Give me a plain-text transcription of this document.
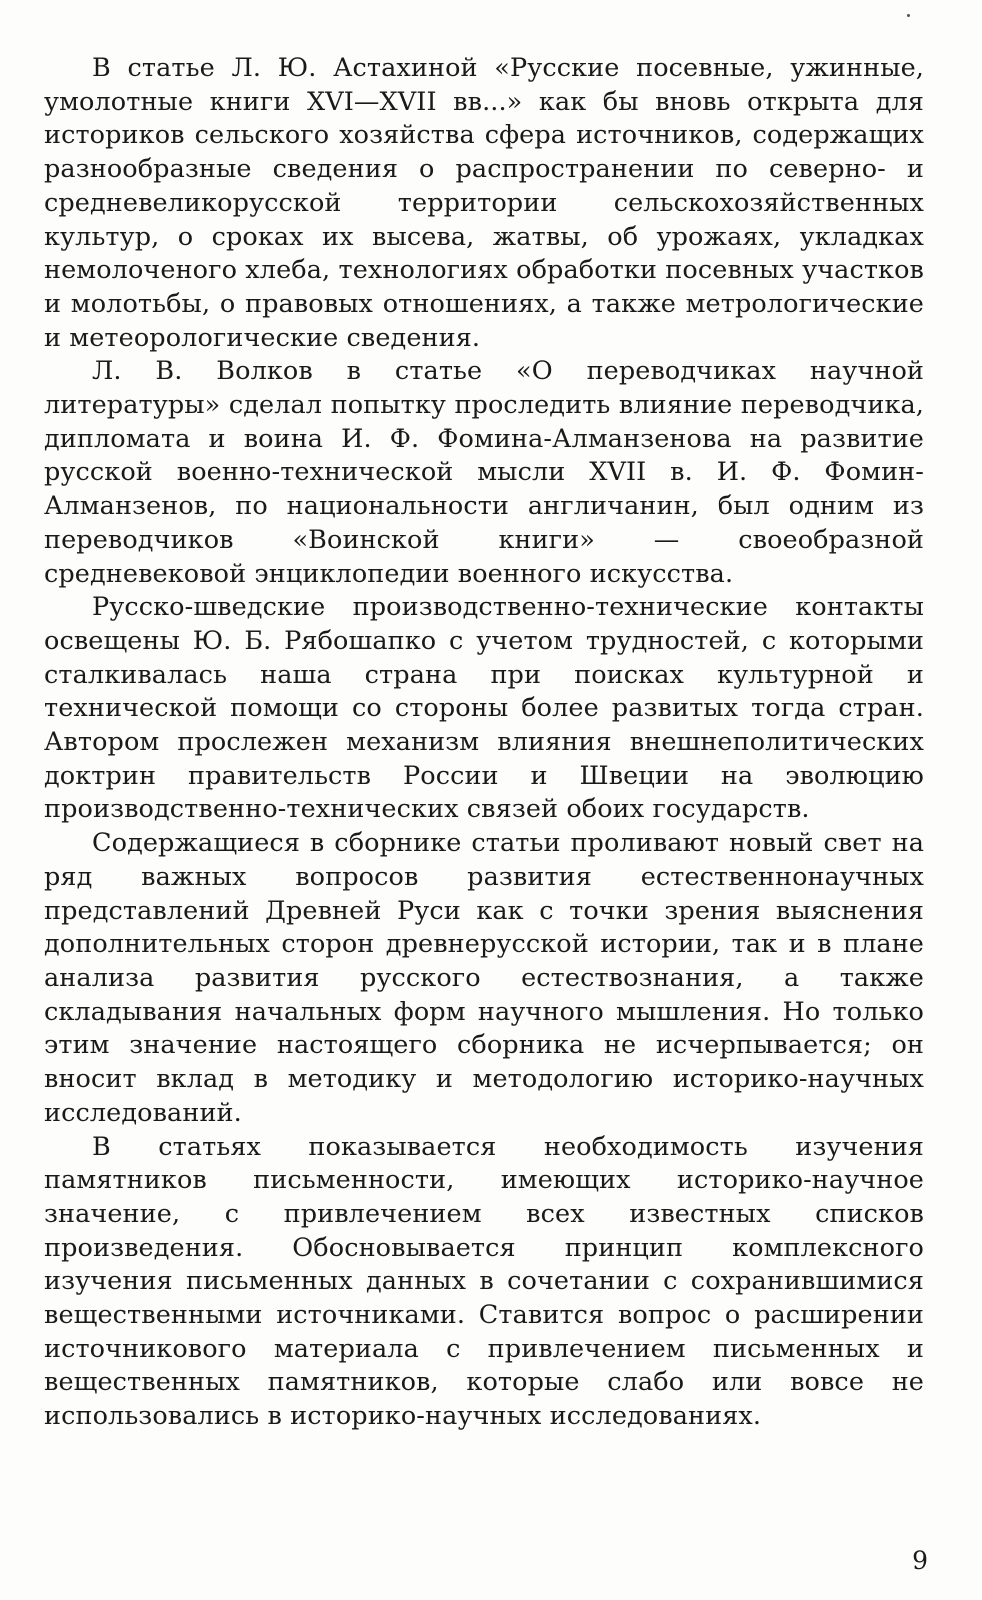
В статье Л. Ю. Астахиной «Русские посевные, ужинные, умолотные книги XVI—XVII вв...» как бы вновь открыта для историков сельского хозяйства сфера источников, содержащих разнообразные сведения о распространении по северно- и средневеликорусской территории сельскохозяйственных культур, о сроках их высева, жатвы, об урожаях, укладках немолоченого хлеба, технологиях обработки посевных участков и молотьбы, о правовых отношениях, а также метрологические и метеорологические сведения.

Л. В. Волков в статье «О переводчиках научной литературы» сделал попытку проследить влияние переводчика, дипломата и воина И. Ф. Фомина-Алманзенова на развитие русской военно-технической мысли XVII в. И. Ф. Фомин-Алманзенов, по национальности англичанин, был одним из переводчиков «Воинской книги» — своеобразной средневековой энциклопедии военного искусства.

Русско-шведские производственно-технические контакты освещены Ю. Б. Рябошапко с учетом трудностей, с которыми сталкивалась наша страна при поисках культурной и технической помощи со стороны более развитых тогда стран. Автором прослежен механизм влияния внешнеполитических доктрин правительств России и Швеции на эволюцию производственно-технических связей обоих государств.

Содержащиеся в сборнике статьи проливают новый свет на ряд важных вопросов развития естественнонаучных представлений Древней Руси как с точки зрения выяснения дополнительных сторон древнерусской истории, так и в плане анализа развития русского естествознания, а также складывания начальных форм научного мышления. Но только этим значение настоящего сборника не исчерпывается; он вносит вклад в методику и методологию историко-научных исследований.

В статьях показывается необходимость изучения памятников письменности, имеющих историко-научное значение, с привлечением всех известных списков произведения. Обосновывается принцип комплексного изучения письменных данных в сочетании с сохранившимися вещественными источниками. Ставится вопрос о расширении источникового материала с привлечением письменных и вещественных памятников, которые слабо или вовсе не использовались в историко-научных исследованиях.

9
